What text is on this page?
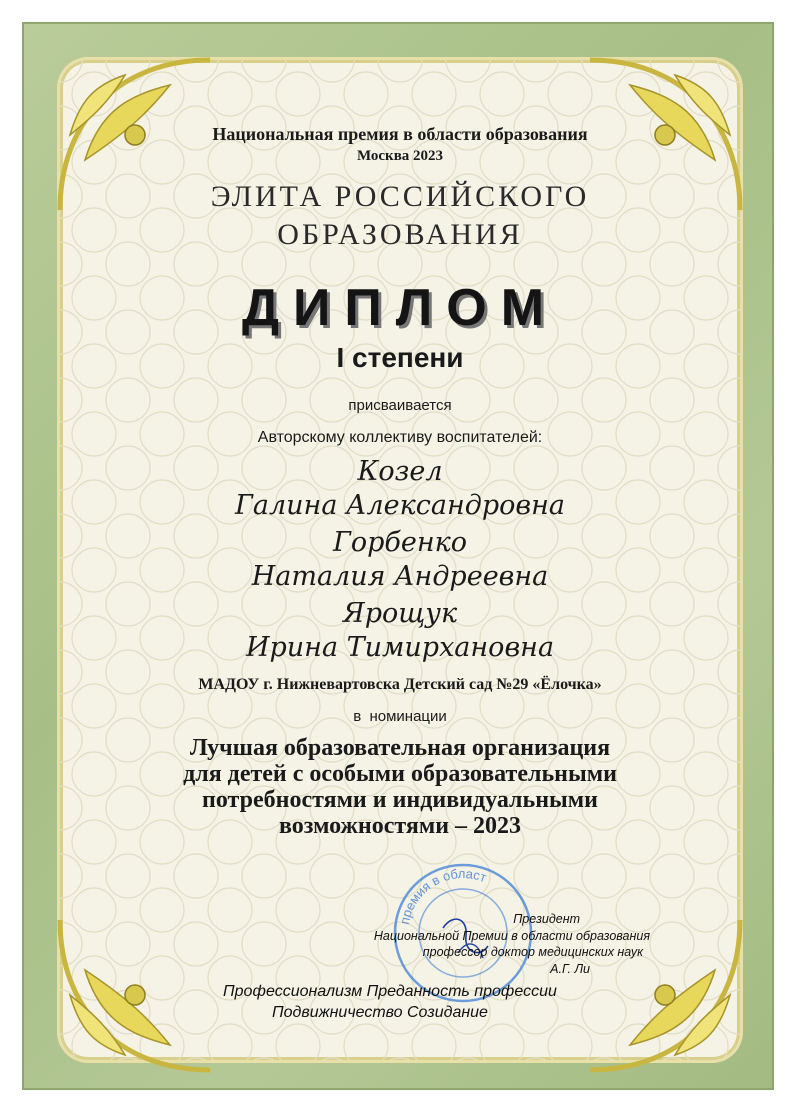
Национальная премия в области образования
Москва 2023
ЭЛИТА РОССИЙСКОГО
ОБРАЗОВАНИЯ
ДИПЛОМ
I степени
присваивается
Авторскому коллективу воспитателей:
Козел
Галина Александровна
Горбенко
Наталия Андреевна
Ярощук
Ирина Тимирхановна
МАДОУ г. Нижневартовска Детский сад №29 «Ёлочка»
в  номинации
Лучшая образовательная организация
для детей с особыми образовательными
потребностями и индивидуальными
возможностями – 2023
премия в област
Президент
Национальной Премии в области образования
профессор доктор медицинских наук
А.Г. Ли
Профессионализм Преданность профессии
Подвижничество Созидание
